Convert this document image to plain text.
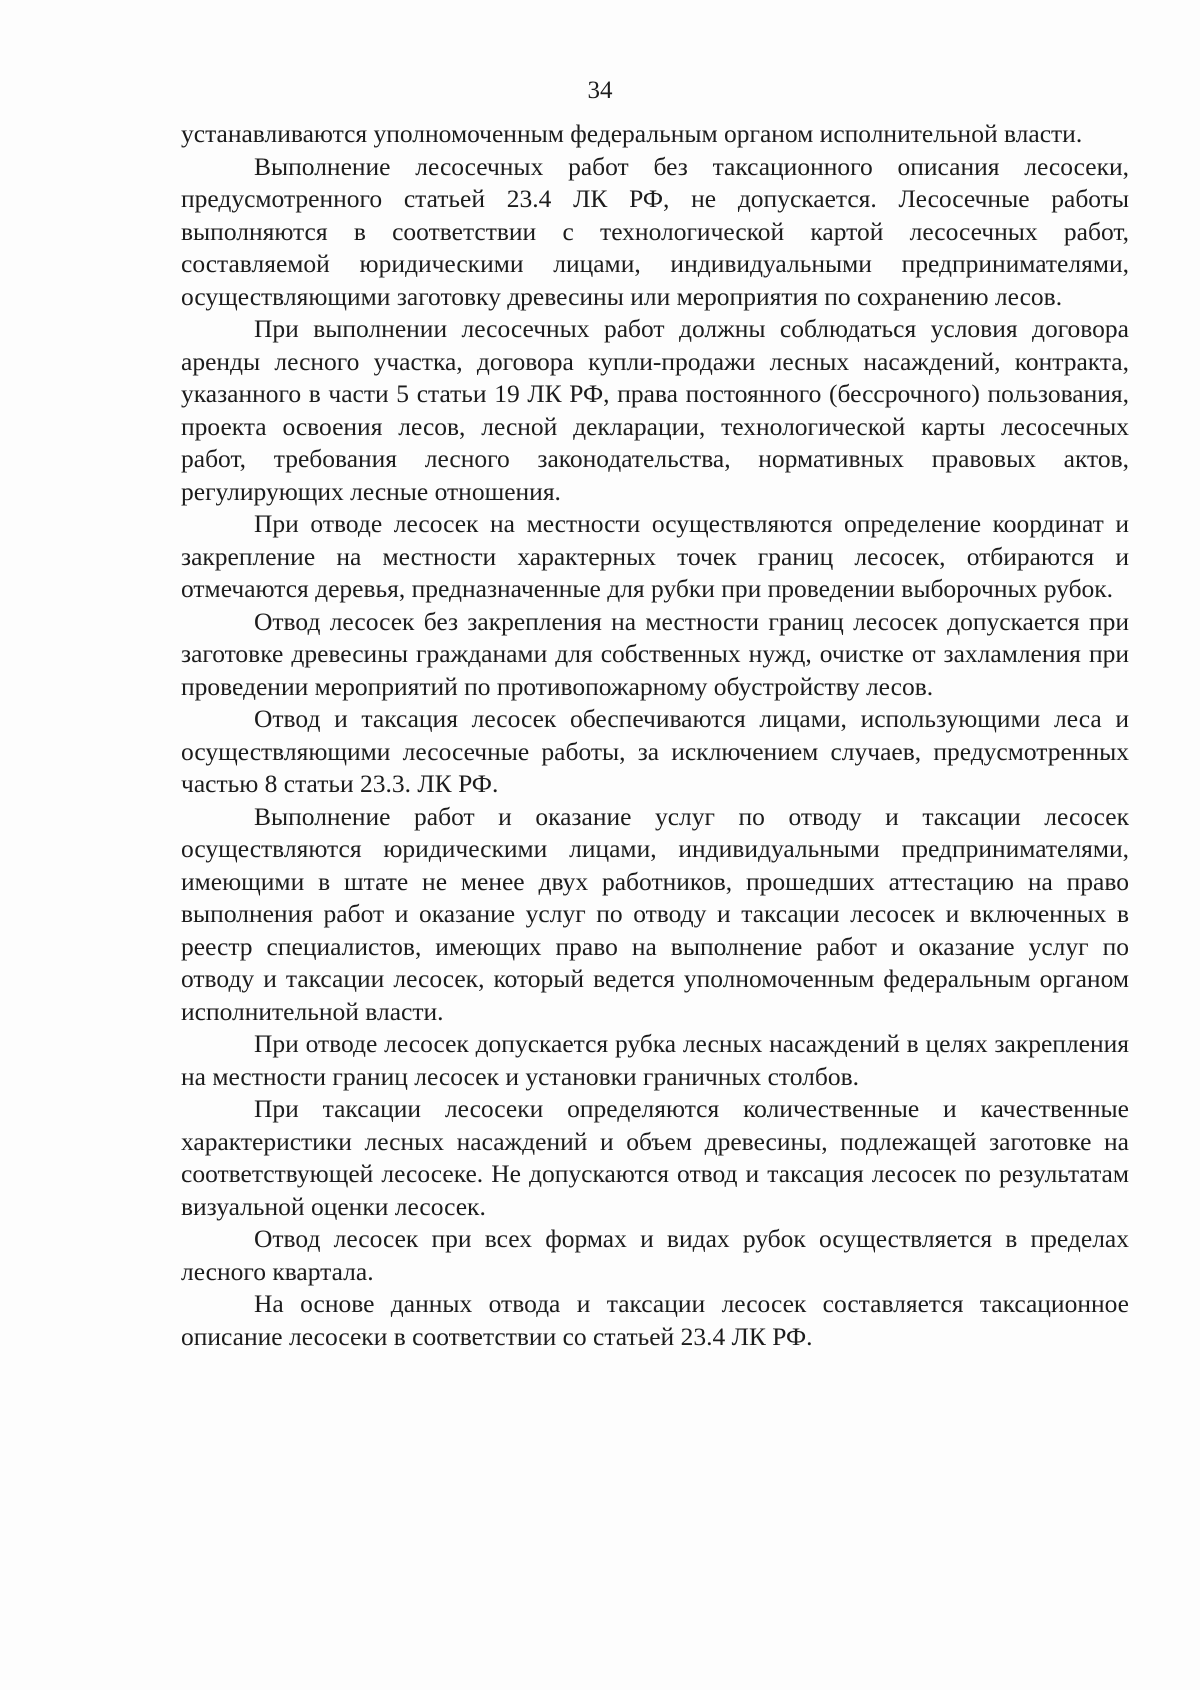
34

устанавливаются уполномоченным федеральным органом исполнительной власти.

Выполнение лесосечных работ без таксационного описания лесосеки, предусмотренного статьей 23.4 ЛК РФ, не допускается. Лесосечные работы выполняются в соответствии с технологической картой лесосечных работ, составляемой юридическими лицами, индивидуальными предпринимателями, осуществляющими заготовку древесины или мероприятия по сохранению лесов.

При выполнении лесосечных работ должны соблюдаться условия договора аренды лесного участка, договора купли-продажи лесных насаждений, контракта, указанного в части 5 статьи 19 ЛК РФ, права постоянного (бессрочного) пользования, проекта освоения лесов, лесной декларации, технологической карты лесосечных работ, требования лесного законодательства, нормативных правовых актов, регулирующих лесные отношения.

При отводе лесосек на местности осуществляются определение координат и закрепление на местности характерных точек границ лесосек, отбираются и отмечаются деревья, предназначенные для рубки при проведении выборочных рубок.

Отвод лесосек без закрепления на местности границ лесосек допускается при заготовке древесины гражданами для собственных нужд, очистке от захламления при проведении мероприятий по противопожарному обустройству лесов.

Отвод и таксация лесосек обеспечиваются лицами, использующими леса и осуществляющими лесосечные работы, за исключением случаев, предусмотренных частью 8 статьи 23.3. ЛК РФ.

Выполнение работ и оказание услуг по отводу и таксации лесосек осуществляются юридическими лицами, индивидуальными предпринимателями, имеющими в штате не менее двух работников, прошедших аттестацию на право выполнения работ и оказание услуг по отводу и таксации лесосек и включенных в реестр специалистов, имеющих право на выполнение работ и оказание услуг по отводу и таксации лесосек, который ведется уполномоченным федеральным органом исполнительной власти.

При отводе лесосек допускается рубка лесных насаждений в целях закрепления на местности границ лесосек и установки граничных столбов.

При таксации лесосеки определяются количественные и качественные характеристики лесных насаждений и объем древесины, подлежащей заготовке на соответствующей лесосеке. Не допускаются отвод и таксация лесосек по результатам визуальной оценки лесосек.

Отвод лесосек при всех формах и видах рубок осуществляется в пределах лесного квартала.

На основе данных отвода и таксации лесосек составляется таксационное описание лесосеки в соответствии со статьей 23.4 ЛК РФ.
